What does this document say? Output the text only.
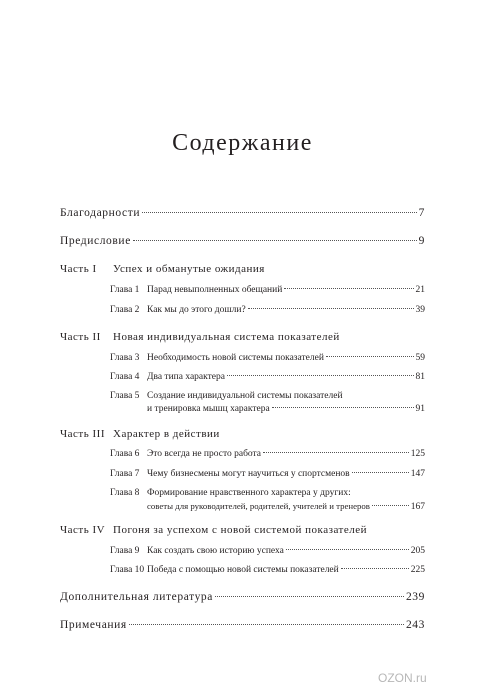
Содержание
Благодарности	7
Предисловие	9
Часть I Успех и обманутые ожидания
Глава 1 Парад невыполненных обещаний	21
Глава 2 Как мы до этого дошли?	39
Часть II Новая индивидуальная система показателей
Глава 3 Необходимость новой системы показателей	59
Глава 4 Два типа характера	81
Глава 5 Создание индивидуальной системы показателей
и тренировка мышц характера	91
Часть III Характер в действии
Глава 6 Это всегда не просто работа	125
Глава 7 Чему бизнесмены могут научиться у спортсменов	147
Глава 8 Формирование нравственного характера у других:
советы для руководителей, родителей, учителей и тренеров	167
Часть IV Погоня за успехом с новой системой показателей
Глава 9 Как создать свою историю успеха	205
Глава 10 Победа с помощью новой системы показателей	225
Дополнительная литература	239
Примечания	243
OZON.ru
